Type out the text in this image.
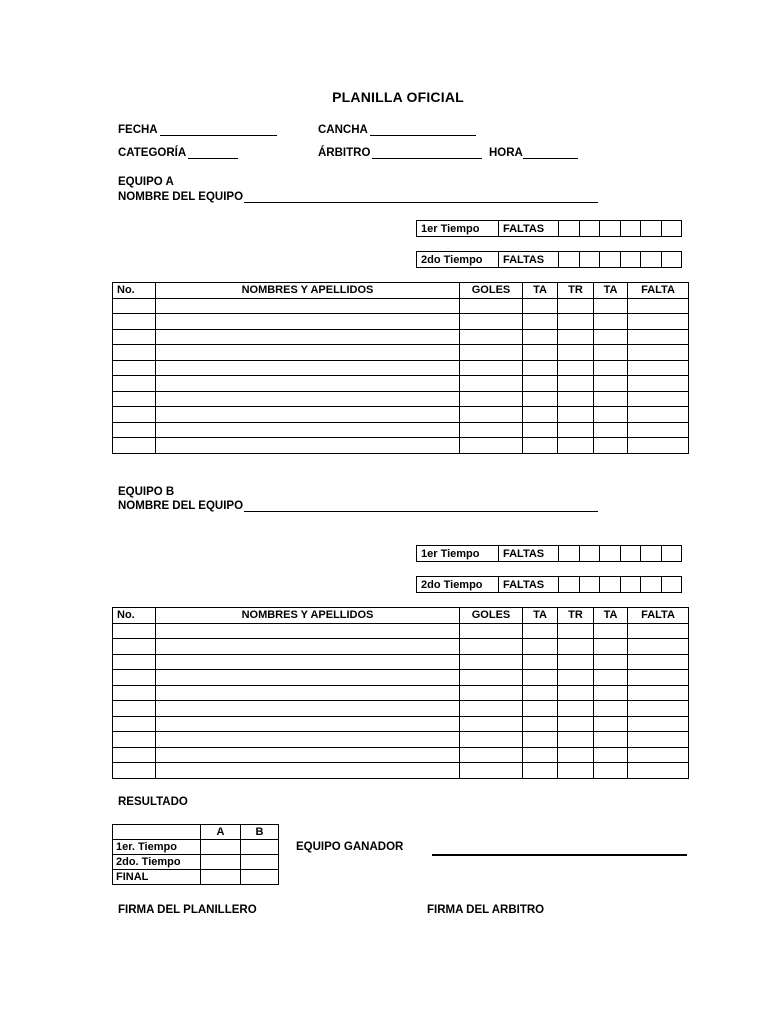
PLANILLA OFICIAL
FECHA	CANCHA
CATEGORÍA	ÁRBITRO	HORA
EQUIPO A
NOMBRE DEL EQUIPO
1er Tiempo	FALTAS						
2do Tiempo	FALTAS						
No.	NOMBRES Y APELLIDOS	GOLES	TA	TR	TA	FALTA

EQUIPO B
NOMBRE DEL EQUIPO
1er Tiempo	FALTAS						
2do Tiempo	FALTAS						
No.	NOMBRES Y APELLIDOS	GOLES	TA	TR	TA	FALTA

RESULTADO
	A	B
1er. Tiempo		
2do. Tiempo		
FINAL		
EQUIPO GANADOR
FIRMA DEL PLANILLERO	FIRMA DEL ARBITRO
